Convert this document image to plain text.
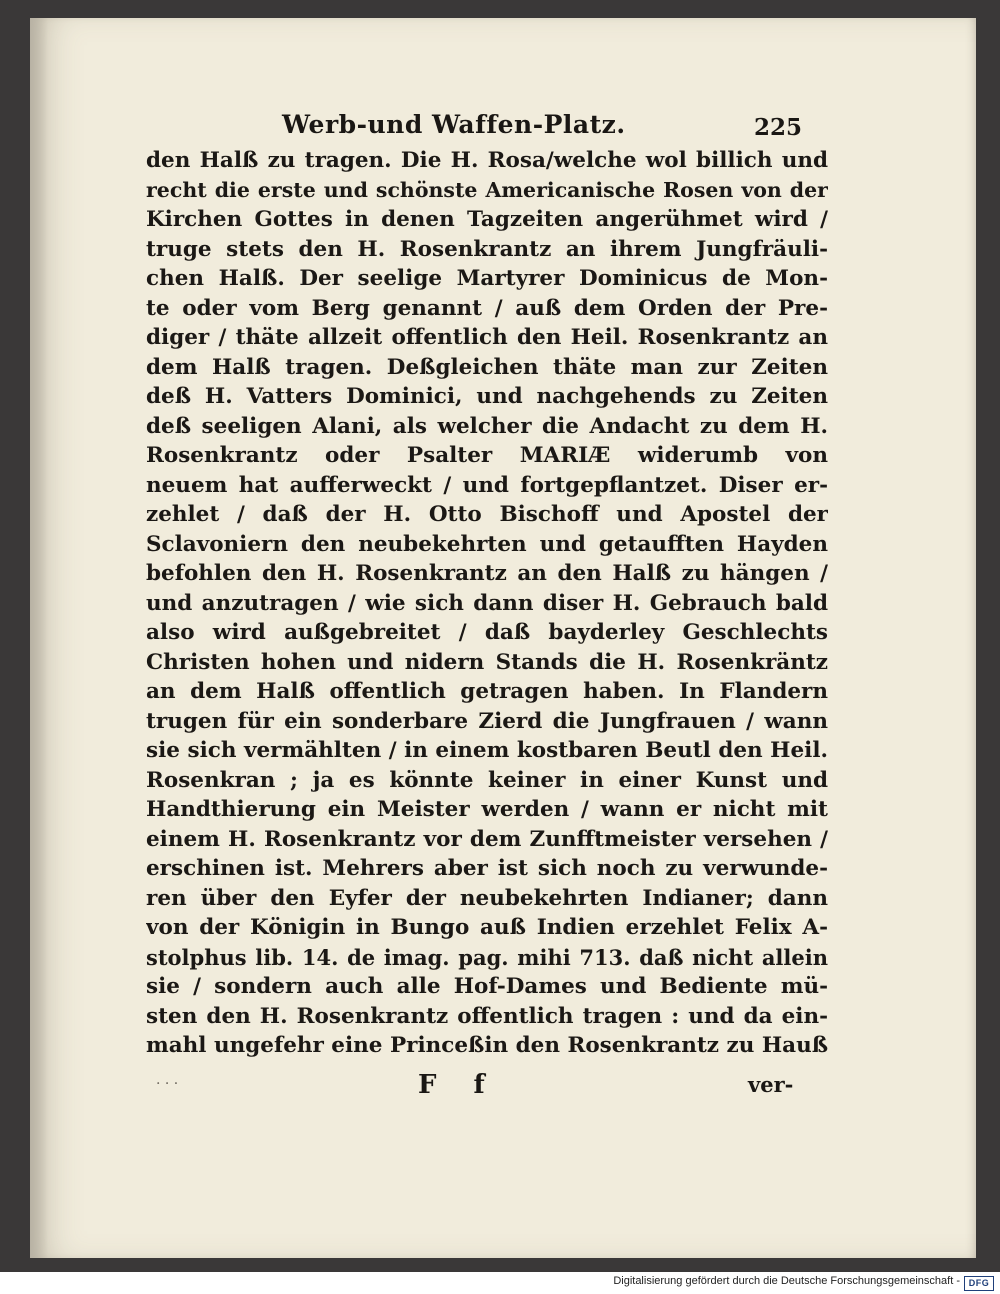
Werb-und Waffen-Platz.	225
den Halß zu tragen. Die H. Rosa/welche wol billich und
recht die erste und schönste Americanische Rosen von der
Kirchen Gottes in denen Tagzeiten angerühmet wird /
truge stets den H. Rosenkrantz an ihrem Jungfräuli-
chen Halß. Der seelige Martyrer Dominicus de Mon-
te oder vom Berg genannt / auß dem Orden der Pre-
diger / thäte allzeit offentlich den Heil. Rosenkrantz an
dem Halß tragen. Deßgleichen thäte man zur Zeiten
deß H. Vatters Dominici, und nachgehends zu Zeiten
deß seeligen Alani, als welcher die Andacht zu dem H.
Rosenkrantz oder Psalter MARIÆ widerumb von
neuem hat aufferweckt / und fortgepflantzet. Diser er-
zehlet / daß der H. Otto Bischoff und Apostel der
Sclavoniern den neubekehrten und getaufften Hayden
befohlen den H. Rosenkrantz an den Halß zu hängen /
und anzutragen / wie sich dann diser H. Gebrauch bald
also wird außgebreitet / daß bayderley Geschlechts
Christen hohen und nidern Stands die H. Rosenkräntz
an dem Halß offentlich getragen haben. In Flandern
trugen für ein sonderbare Zierd die Jungfrauen / wann
sie sich vermählten / in einem kostbaren Beutl den Heil.
Rosenkran ; ja es könnte keiner in einer Kunst und
Handthierung ein Meister werden / wann er nicht mit
einem H. Rosenkrantz vor dem Zunfftmeister versehen /
erschinen ist. Mehrers aber ist sich noch zu verwunde-
ren über den Eyfer der neubekehrten Indianer; dann
von der Königin in Bungo auß Indien erzehlet Felix A-
stolphus lib. 14. de imag. pag. mihi 713. daß nicht allein
sie / sondern auch alle Hof-Dames und Bediente mü-
sten den H. Rosenkrantz offentlich tragen : und da ein-
mahl ungefehr eine Princeßin den Rosenkrantz zu Hauß
· · ·	F f	ver-
Digitalisierung gefördert durch die Deutsche Forschungsgemeinschaft - DFG
